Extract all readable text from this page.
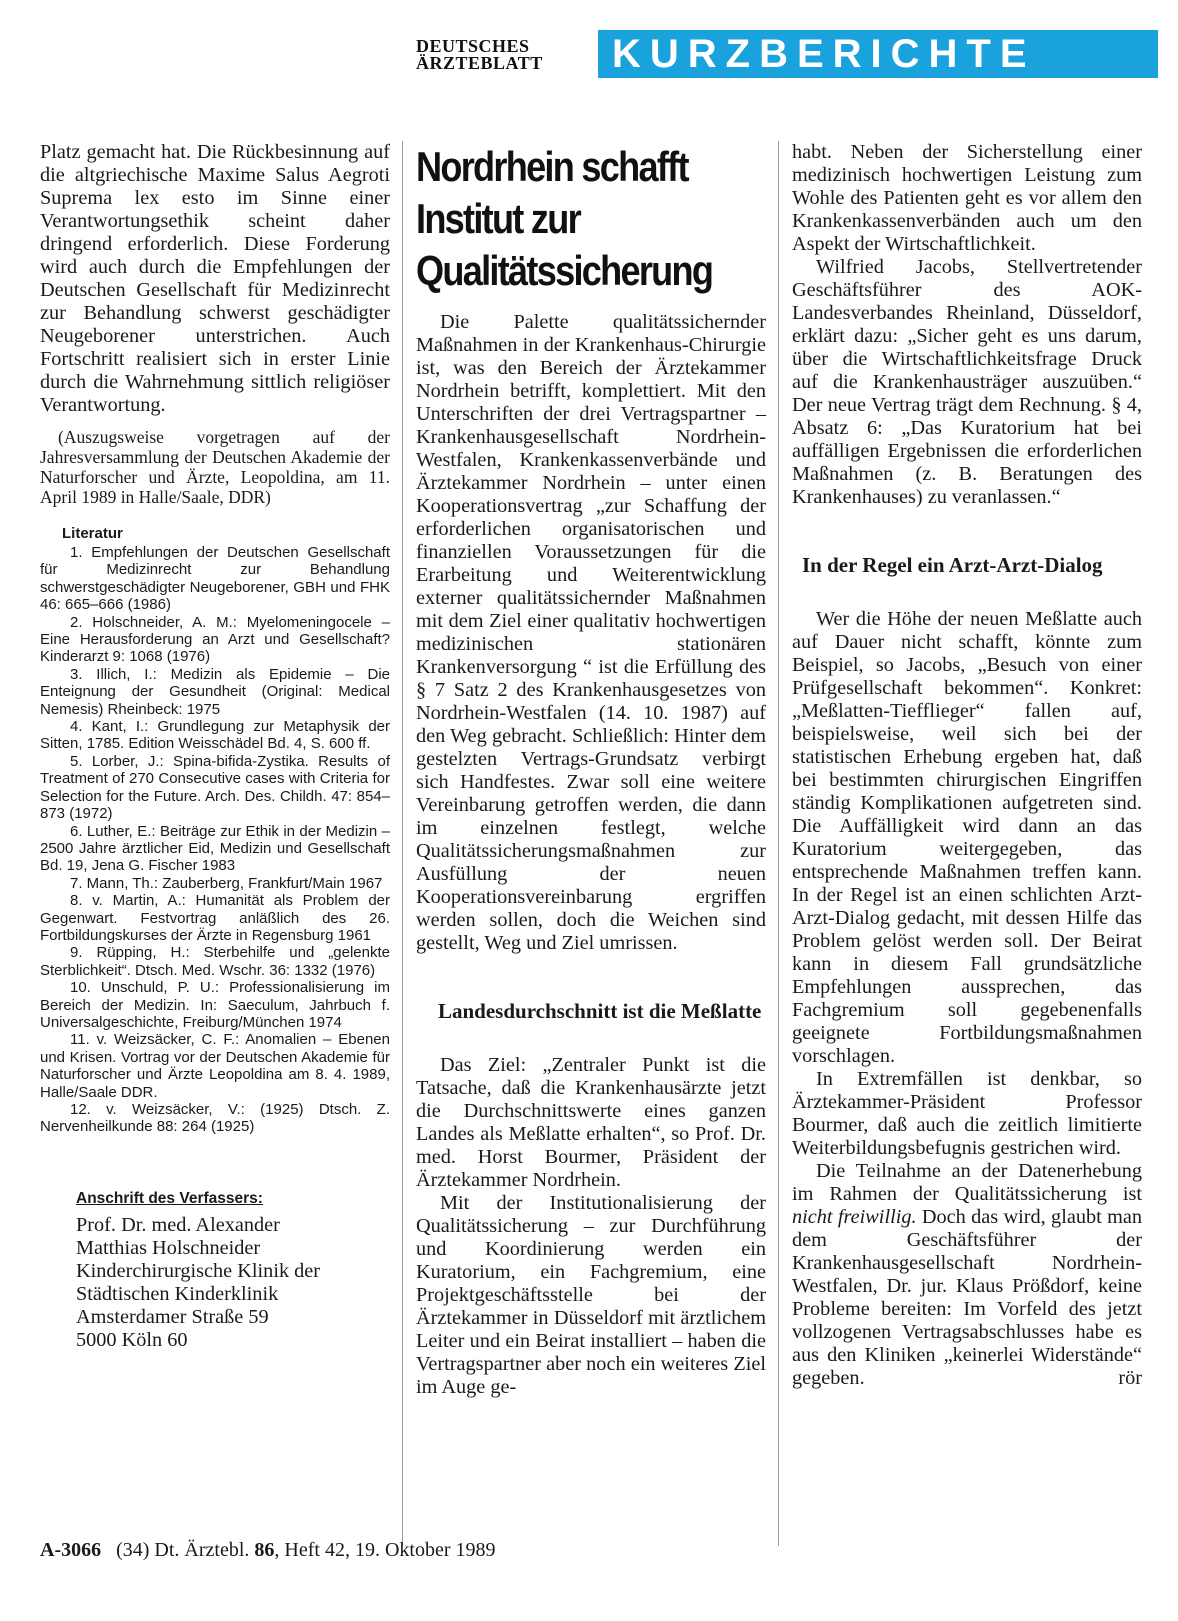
DEUTSCHES
ÄRZTEBLATT	KURZBERICHTE

Platz gemacht hat. Die Rückbesinnung auf die altgriechische Maxime Salus Aegroti Suprema lex esto im Sinne einer Verantwortungsethik scheint daher dringend erforderlich. Diese Forderung wird auch durch die Empfehlungen der Deutschen Gesellschaft für Medizinrecht zur Behandlung schwerst geschädigter Neugeborener unterstrichen. Auch Fortschritt realisiert sich in erster Linie durch die Wahrnehmung sittlich religiöser Verantwortung.

(Auszugsweise vorgetragen auf der Jahresversammlung der Deutschen Akademie der Naturforscher und Ärzte, Leopoldina, am 11. April 1989 in Halle/Saale, DDR)

Literatur
1. Empfehlungen der Deutschen Gesellschaft für Medizinrecht zur Behandlung schwerstgeschädigter Neugeborener, GBH und FHK 46: 665–666 (1986)
2. Holschneider, A. M.: Myelomeningocele – Eine Herausforderung an Arzt und Gesellschaft? Kinderarzt 9: 1068 (1976)
3. Illich, I.: Medizin als Epidemie – Die Enteignung der Gesundheit (Original: Medical Nemesis) Rheinbeck: 1975
4. Kant, I.: Grundlegung zur Metaphysik der Sitten, 1785. Edition Weisschädel Bd. 4, S. 600 ff.
5. Lorber, J.: Spina-bifida-Zystika. Results of Treatment of 270 Consecutive cases with Criteria for Selection for the Future. Arch. Des. Childh. 47: 854–873 (1972)
6. Luther, E.: Beiträge zur Ethik in der Medizin – 2500 Jahre ärztlicher Eid, Medizin und Gesellschaft Bd. 19, Jena G. Fischer 1983
7. Mann, Th.: Zauberberg, Frankfurt/Main 1967
8. v. Martin, A.: Humanität als Problem der Gegenwart. Festvortrag anläßlich des 26. Fortbildungskurses der Ärzte in Regensburg 1961
9. Rüpping, H.: Sterbehilfe und „gelenkte Sterblichkeit“. Dtsch. Med. Wschr. 36: 1332 (1976)
10. Unschuld, P. U.: Professionalisierung im Bereich der Medizin. In: Saeculum, Jahrbuch f. Universalgeschichte, Freiburg/München 1974
11. v. Weizsäcker, C. F.: Anomalien – Ebenen und Krisen. Vortrag vor der Deutschen Akademie für Naturforscher und Ärzte Leopoldina am 8. 4. 1989, Halle/Saale DDR.
12. v. Weizsäcker, V.: (1925) Dtsch. Z. Nervenheilkunde 88: 264 (1925)
Anschrift des Verfassers:
Prof. Dr. med. Alexander
Matthias Holschneider
Kinderchirurgische Klinik der
Städtischen Kinderklinik
Amsterdamer Straße 59
5000 Köln 60
Nordrhein schafft Institut zur Qualitätssicherung

Die Palette qualitätssichernder Maßnahmen in der Krankenhaus-Chirurgie ist, was den Bereich der Ärztekammer Nordrhein betrifft, komplettiert. Mit den Unterschriften der drei Vertragspartner – Krankenhausgesellschaft Nordrhein-Westfalen, Krankenkassenverbände und Ärztekammer Nordrhein – unter einen Kooperationsvertrag „zur Schaffung der erforderlichen organisatorischen und finanziellen Voraussetzungen für die Erarbeitung und Weiterentwicklung externer qualitätssichernder Maßnahmen mit dem Ziel einer qualitativ hochwertigen medizinischen stationären Krankenversorgung “ ist die Erfüllung des § 7 Satz 2 des Krankenhausgesetzes von Nordrhein-Westfalen (14. 10. 1987) auf den Weg gebracht. Schließlich: Hinter dem gestelzten Vertrags-Grundsatz verbirgt sich Handfestes. Zwar soll eine weitere Vereinbarung getroffen werden, die dann im einzelnen festlegt, welche Qualitätssicherungsmaßnahmen zur Ausfüllung der neuen Kooperationsvereinbarung ergriffen werden sollen, doch die Weichen sind gestellt, Weg und Ziel umrissen.

Landesdurchschnitt ist die Meßlatte

Das Ziel: „Zentraler Punkt ist die Tatsache, daß die Krankenhausärzte jetzt die Durchschnittswerte eines ganzen Landes als Meßlatte erhalten“, so Prof. Dr. med. Horst Bourmer, Präsident der Ärztekammer Nordrhein.

Mit der Institutionalisierung der Qualitätssicherung – zur Durchführung und Koordinierung werden ein Kuratorium, ein Fachgremium, eine Projektgeschäftsstelle bei der Ärztekammer in Düsseldorf mit ärztlichem Leiter und ein Beirat installiert – haben die Vertragspartner aber noch ein weiteres Ziel im Auge ge-

habt. Neben der Sicherstellung einer medizinisch hochwertigen Leistung zum Wohle des Patienten geht es vor allem den Krankenkassenverbänden auch um den Aspekt der Wirtschaftlichkeit.

Wilfried Jacobs, Stellvertretender Geschäftsführer des AOK-Landesverbandes Rheinland, Düsseldorf, erklärt dazu: „Sicher geht es uns darum, über die Wirtschaftlichkeitsfrage Druck auf die Krankenhausträger auszuüben.“ Der neue Vertrag trägt dem Rechnung. § 4, Absatz 6: „Das Kuratorium hat bei auffälligen Ergebnissen die erforderlichen Maßnahmen (z. B. Beratungen des Krankenhauses) zu veranlassen.“

In der Regel ein Arzt-Arzt-Dialog

Wer die Höhe der neuen Meßlatte auch auf Dauer nicht schafft, könnte zum Beispiel, so Jacobs, „Besuch von einer Prüfgesellschaft bekommen“. Konkret: „Meßlatten-Tiefflieger“ fallen auf, beispielsweise, weil sich bei der statistischen Erhebung ergeben hat, daß bei bestimmten chirurgischen Eingriffen ständig Komplikationen aufgetreten sind. Die Auffälligkeit wird dann an das Kuratorium weitergegeben, das entsprechende Maßnahmen treffen kann. In der Regel ist an einen schlichten Arzt-Arzt-Dialog gedacht, mit dessen Hilfe das Problem gelöst werden soll. Der Beirat kann in diesem Fall grundsätzliche Empfehlungen aussprechen, das Fachgremium soll gegebenenfalls geeignete Fortbildungsmaßnahmen vorschlagen.

In Extremfällen ist denkbar, so Ärztekammer-Präsident Professor Bourmer, daß auch die zeitlich limitierte Weiterbildungsbefugnis gestrichen wird.

Die Teilnahme an der Datenerhebung im Rahmen der Qualitätssicherung ist nicht freiwillig. Doch das wird, glaubt man dem Geschäftsführer der Krankenhausgesellschaft Nordrhein-Westfalen, Dr. jur. Klaus Prößdorf, keine Probleme bereiten: Im Vorfeld des jetzt vollzogenen Vertragsabschlusses habe es aus den Kliniken „keinerlei Widerstände“ gegeben.	rör

A-3066 (34) Dt. Ärztebl. 86, Heft 42, 19. Oktober 1989
